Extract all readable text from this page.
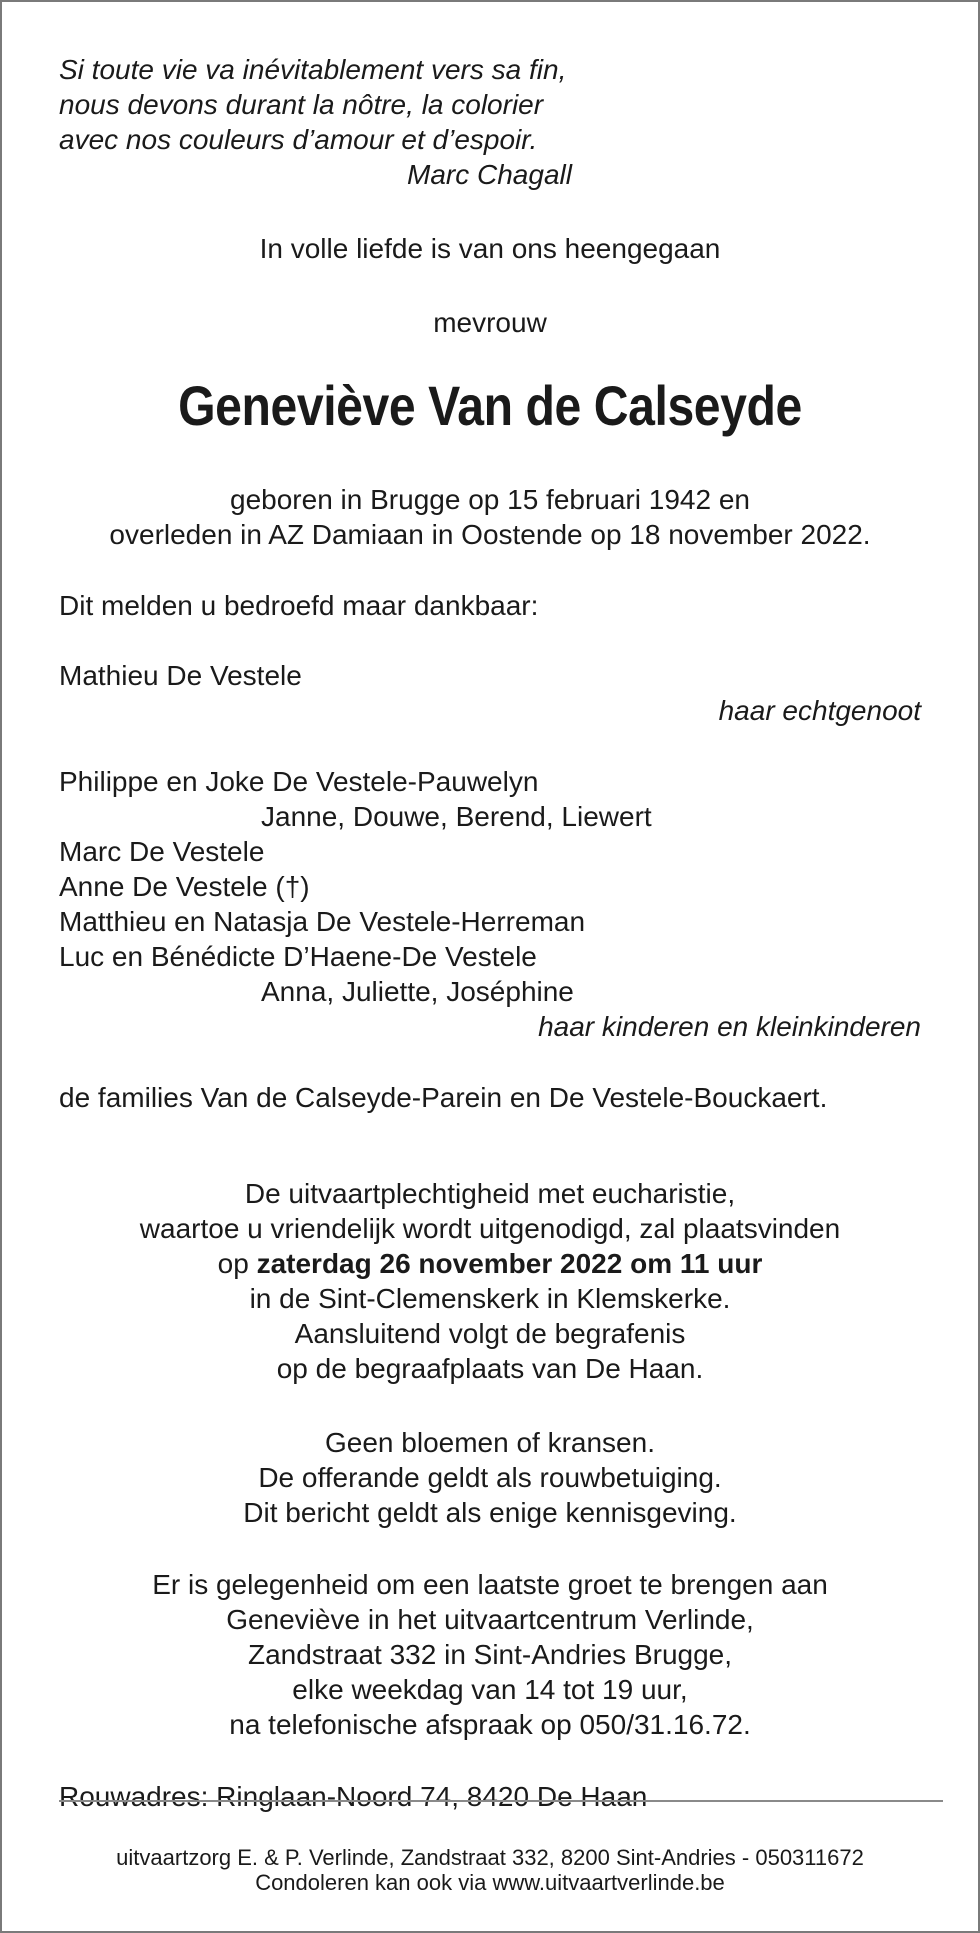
Si toute vie va inévitablement vers sa fin,
nous devons durant la nôtre, la colorier
avec nos couleurs d’amour et d’espoir.
Marc Chagall
In volle liefde is van ons heengegaan
mevrouw
Geneviève Van de Calseyde
geboren in Brugge op 15 februari 1942 en
overleden in AZ Damiaan in Oostende op 18 november 2022.
Dit melden u bedroefd maar dankbaar:
Mathieu De Vestele
haar echtgenoot
Philippe en Joke De Vestele-Pauwelyn
Janne, Douwe, Berend, Liewert
Marc De Vestele
Anne De Vestele (†)
Matthieu en Natasja De Vestele-Herreman
Luc en Bénédicte D’Haene-De Vestele
Anna, Juliette, Joséphine
haar kinderen en kleinkinderen
de families Van de Calseyde-Parein en De Vestele-Bouckaert.
De uitvaartplechtigheid met eucharistie,
waartoe u vriendelijk wordt uitgenodigd, zal plaatsvinden
op zaterdag 26 november 2022 om 11 uur
in de Sint-Clemenskerk in Klemskerke.
Aansluitend volgt de begrafenis
op de begraafplaats van De Haan.
Geen bloemen of kransen.
De offerande geldt als rouwbetuiging.
Dit bericht geldt als enige kennisgeving.
Er is gelegenheid om een laatste groet te brengen aan
Geneviève in het uitvaartcentrum Verlinde,
Zandstraat 332 in Sint-Andries Brugge,
elke weekdag van 14 tot 19 uur,
na telefonische afspraak op 050/31.16.72.
Rouwadres: Ringlaan-Noord 74, 8420 De Haan
uitvaartzorg E. & P. Verlinde, Zandstraat 332, 8200 Sint-Andries - 050311672
Condoleren kan ook via www.uitvaartverlinde.be
